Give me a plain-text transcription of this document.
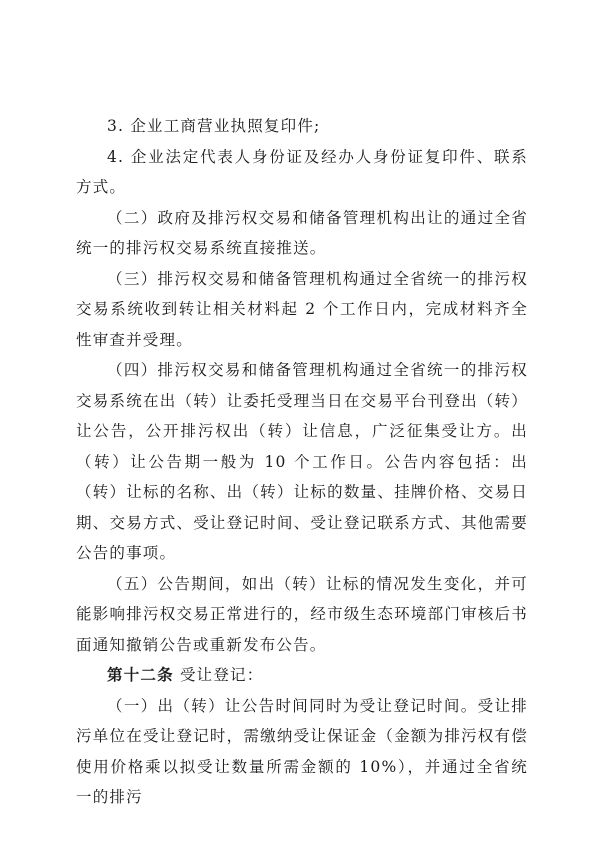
3. 企业工商营业执照复印件;

4. 企业法定代表人身份证及经办人身份证复印件、联系方式。

（二）政府及排污权交易和储备管理机构出让的通过全省统一的排污权交易系统直接推送。

（三）排污权交易和储备管理机构通过全省统一的排污权交易系统收到转让相关材料起 2 个工作日内，完成材料齐全性审查并受理。

（四）排污权交易和储备管理机构通过全省统一的排污权交易系统在出（转）让委托受理当日在交易平台刊登出（转）让公告，公开排污权出（转）让信息，广泛征集受让方。出（转）让公告期一般为 10 个工作日。公告内容包括：出（转）让标的名称、出（转）让标的数量、挂牌价格、交易日期、交易方式、受让登记时间、受让登记联系方式、其他需要公告的事项。

（五）公告期间，如出（转）让标的情况发生变化，并可能影响排污权交易正常进行的，经市级生态环境部门审核后书面通知撤销公告或重新发布公告。

第十二条 受让登记：

（一）出（转）让公告时间同时为受让登记时间。受让排污单位在受让登记时，需缴纳受让保证金（金额为排污权有偿使用价格乘以拟受让数量所需金额的 10%），并通过全省统一的排污
